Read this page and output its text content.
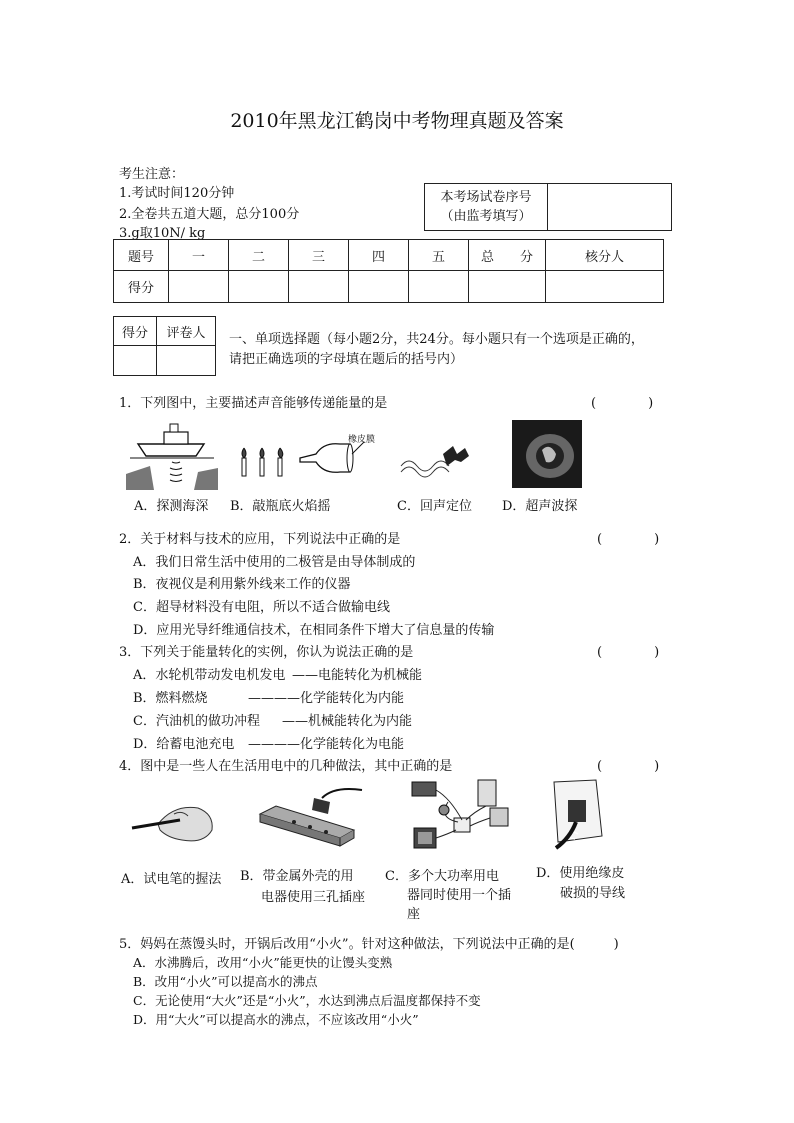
2010年黑龙江鹤岗中考物理真题及答案
考生注意：
1.考试时间120分钟
2.全卷共五道大题，总分100分
3.g取10N/ kg
本考场试卷序号
（由监考填写）

题号	一	二	三	四	五	总　　分	核分人
得分							
得分	评卷人
	一、单项选择题（每小题2分，共24分。每小题只有一个选项是正确的，
请把正确选项的字母填在题后的括号内）
1．下列图中，主要描述声音能够传递能量的是	(　　　　)
橡皮膜
A．探测海深 B．敲瓶底火焰摇	C．回声定位 D．超声波探
2．关于材料与技术的应用，下列说法中正确的是	(　　　　)
A．我们日常生活中使用的二极管是由导体制成的
B．夜视仪是利用紫外线来工作的仪器
C．超导材料没有电阻，所以不适合做输电线
D．应用光导纤维通信技术，在相同条件下增大了信息量的传输
3．下列关于能量转化的实例，你认为说法正确的是	(　　　　)
A．水轮机带动发电机发电 ——电能转化为机械能
B．燃料燃烧	————化学能转化为内能
C．汽油机的做功冲程 ——机械能转化为内能
D．给蓄电池充电 ————化学能转化为电能
4．图中是一些人在生活用电中的几种做法，其中正确的是	(　　　　)
A．试电笔的握法 B．带金属外壳的用
电器使用三孔插座
C．多个大功率用电
器同时使用一个插
座
D．使用绝缘皮
破损的导线
5．妈妈在蒸馒头时，开锅后改用“小火”。针对这种做法，下列说法中正确的是(　　　)
A．水沸腾后，改用“小火”能更快的让馒头变熟
B．改用“小火”可以提高水的沸点
C．无论使用“大火”还是“小火”，水达到沸点后温度都保持不变
D．用“大火”可以提高水的沸点，不应该改用“小火”
